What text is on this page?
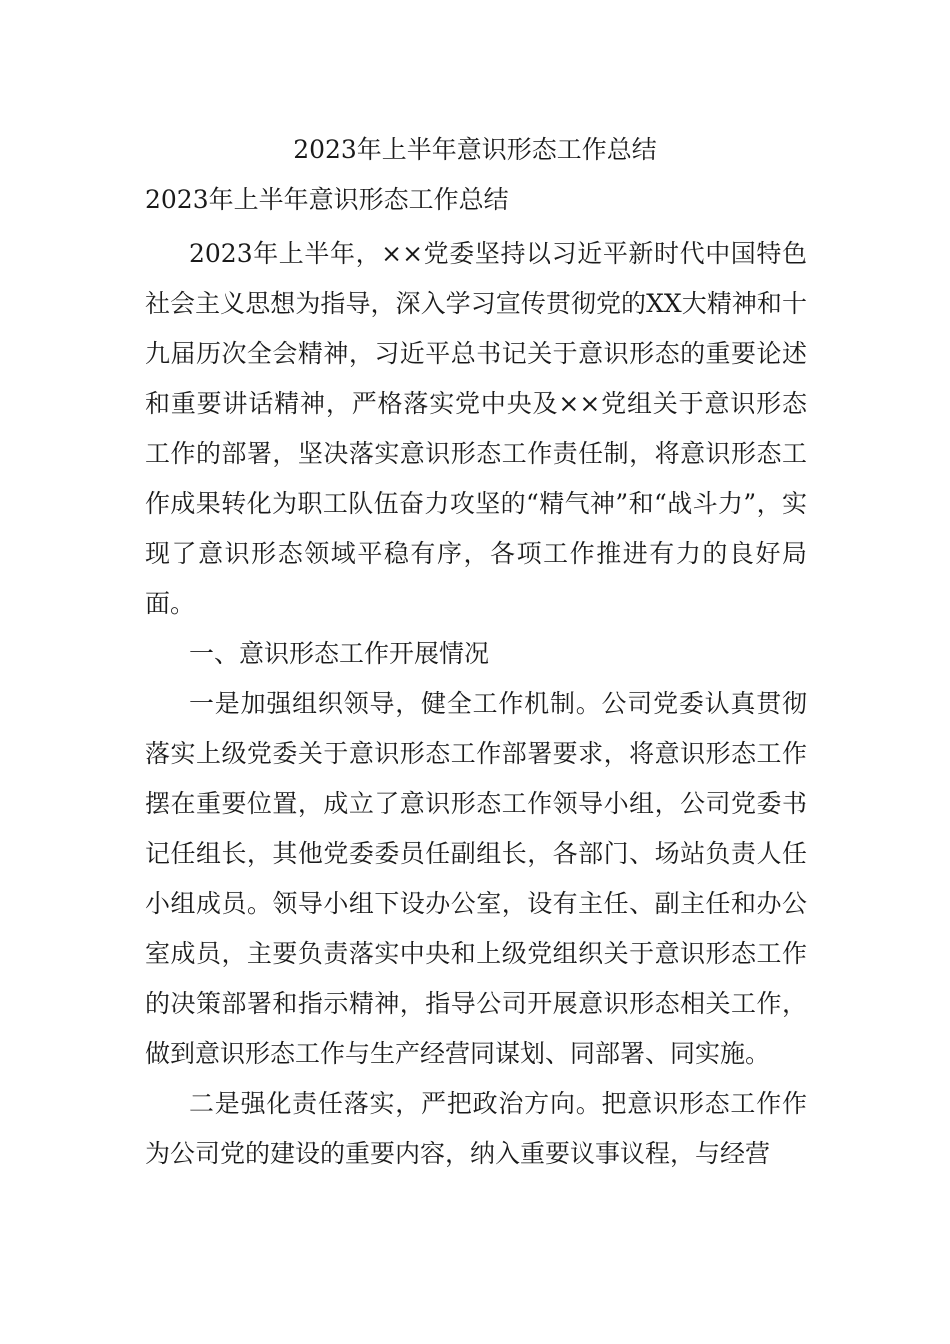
2023年上半年意识形态工作总结
2023年上半年意识形态工作总结

2023年上半年，××党委坚持以习近平新时代中国特色社会主义思想为指导，深入学习宣传贯彻党的XX大精神和十九届历次全会精神，习近平总书记关于意识形态的重要论述和重要讲话精神，严格落实党中央及××党组关于意识形态工作的部署，坚决落实意识形态工作责任制，将意识形态工作成果转化为职工队伍奋力攻坚的“精气神”和“战斗力”，实现了意识形态领域平稳有序，各项工作推进有力的良好局面。

一、意识形态工作开展情况

一是加强组织领导，健全工作机制。公司党委认真贯彻落实上级党委关于意识形态工作部署要求，将意识形态工作摆在重要位置，成立了意识形态工作领导小组，公司党委书记任组长，其他党委委员任副组长，各部门、场站负责人任小组成员。领导小组下设办公室，设有主任、副主任和办公室成员，主要负责落实中央和上级党组织关于意识形态工作的决策部署和指示精神，指导公司开展意识形态相关工作，做到意识形态工作与生产经营同谋划、同部署、同实施。

二是强化责任落实，严把政治方向。把意识形态工作作为公司党的建设的重要内容，纳入重要议事议程，与经营
